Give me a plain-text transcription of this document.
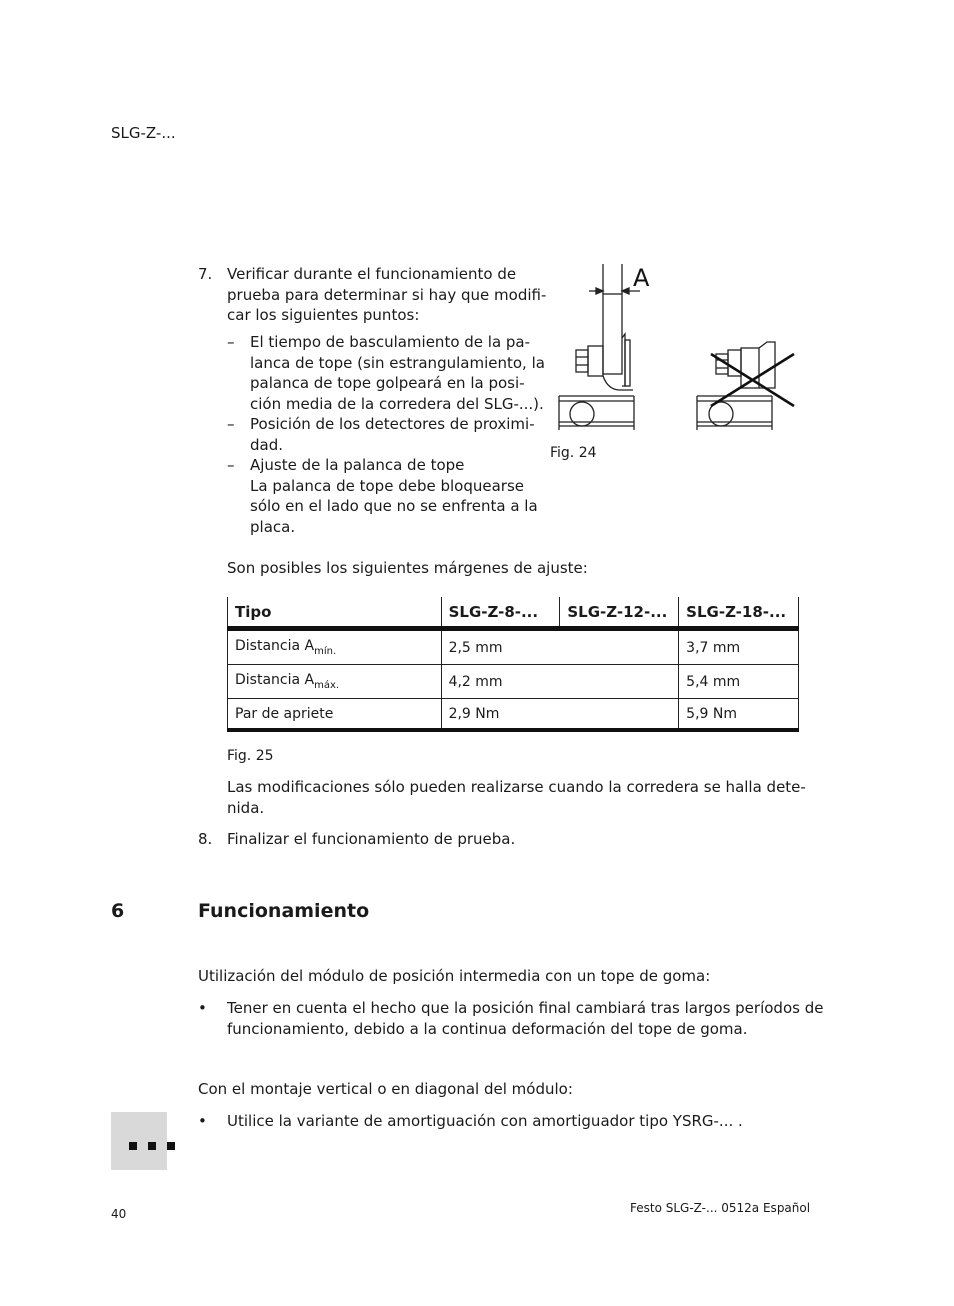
SLG-Z-...
7. Verificar durante el funcionamiento de
prueba para determinar si hay que modifi-
car los siguientes puntos:
– El tiempo de basculamiento de la pa-
lanca de tope (sin estrangulamiento, la
palanca de tope golpeará en la posi-
ción media de la corredera del SLG-...).
– Posición de los detectores de proximi-
dad.
– Ajuste de la palanca de tope
La palanca de tope debe bloquearse
sólo en el lado que no se enfrenta a la
placa.
A
Fig. 24
Son posibles los siguientes márgenes de ajuste:
Tipo	SLG-Z-8-...	SLG-Z-12-...	SLG-Z-18-...
Distancia $A_{mín.}$	2,5 mm		3,7 mm
Distancia $A_{máx.}$	4,2 mm		5,4 mm
Par de apriete	2,9 Nm		5,9 Nm
Fig. 25
Las modificaciones sólo pueden realizarse cuando la corredera se halla dete-
nida.
8. Finalizar el funcionamiento de prueba.
6	Funcionamiento
Utilización del módulo de posición intermedia con un tope de goma:
• Tener en cuenta el hecho que la posición final cambiará tras largos períodos de
funcionamiento, debido a la continua deformación del tope de goma.
Con el montaje vertical o en diagonal del módulo:
• Utilice la variante de amortiguación con amortiguador tipo YSRG-... .
40	Festo SLG-Z-... 0512a Español
